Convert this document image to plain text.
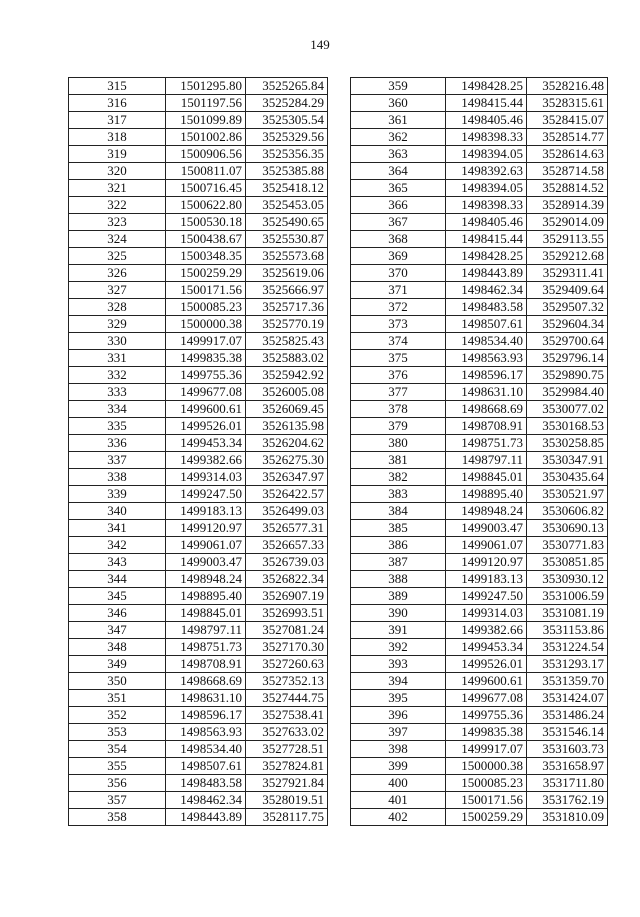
149
315	1501295.80	3525265.84
316	1501197.56	3525284.29
317	1501099.89	3525305.54
318	1501002.86	3525329.56
319	1500906.56	3525356.35
320	1500811.07	3525385.88
321	1500716.45	3525418.12
322	1500622.80	3525453.05
323	1500530.18	3525490.65
324	1500438.67	3525530.87
325	1500348.35	3525573.68
326	1500259.29	3525619.06
327	1500171.56	3525666.97
328	1500085.23	3525717.36
329	1500000.38	3525770.19
330	1499917.07	3525825.43
331	1499835.38	3525883.02
332	1499755.36	3525942.92
333	1499677.08	3526005.08
334	1499600.61	3526069.45
335	1499526.01	3526135.98
336	1499453.34	3526204.62
337	1499382.66	3526275.30
338	1499314.03	3526347.97
339	1499247.50	3526422.57
340	1499183.13	3526499.03
341	1499120.97	3526577.31
342	1499061.07	3526657.33
343	1499003.47	3526739.03
344	1498948.24	3526822.34
345	1498895.40	3526907.19
346	1498845.01	3526993.51
347	1498797.11	3527081.24
348	1498751.73	3527170.30
349	1498708.91	3527260.63
350	1498668.69	3527352.13
351	1498631.10	3527444.75
352	1498596.17	3527538.41
353	1498563.93	3527633.02
354	1498534.40	3527728.51
355	1498507.61	3527824.81
356	1498483.58	3527921.84
357	1498462.34	3528019.51
358	1498443.89	3528117.75
359	1498428.25	3528216.48
360	1498415.44	3528315.61
361	1498405.46	3528415.07
362	1498398.33	3528514.77
363	1498394.05	3528614.63
364	1498392.63	3528714.58
365	1498394.05	3528814.52
366	1498398.33	3528914.39
367	1498405.46	3529014.09
368	1498415.44	3529113.55
369	1498428.25	3529212.68
370	1498443.89	3529311.41
371	1498462.34	3529409.64
372	1498483.58	3529507.32
373	1498507.61	3529604.34
374	1498534.40	3529700.64
375	1498563.93	3529796.14
376	1498596.17	3529890.75
377	1498631.10	3529984.40
378	1498668.69	3530077.02
379	1498708.91	3530168.53
380	1498751.73	3530258.85
381	1498797.11	3530347.91
382	1498845.01	3530435.64
383	1498895.40	3530521.97
384	1498948.24	3530606.82
385	1499003.47	3530690.13
386	1499061.07	3530771.83
387	1499120.97	3530851.85
388	1499183.13	3530930.12
389	1499247.50	3531006.59
390	1499314.03	3531081.19
391	1499382.66	3531153.86
392	1499453.34	3531224.54
393	1499526.01	3531293.17
394	1499600.61	3531359.70
395	1499677.08	3531424.07
396	1499755.36	3531486.24
397	1499835.38	3531546.14
398	1499917.07	3531603.73
399	1500000.38	3531658.97
400	1500085.23	3531711.80
401	1500171.56	3531762.19
402	1500259.29	3531810.09
